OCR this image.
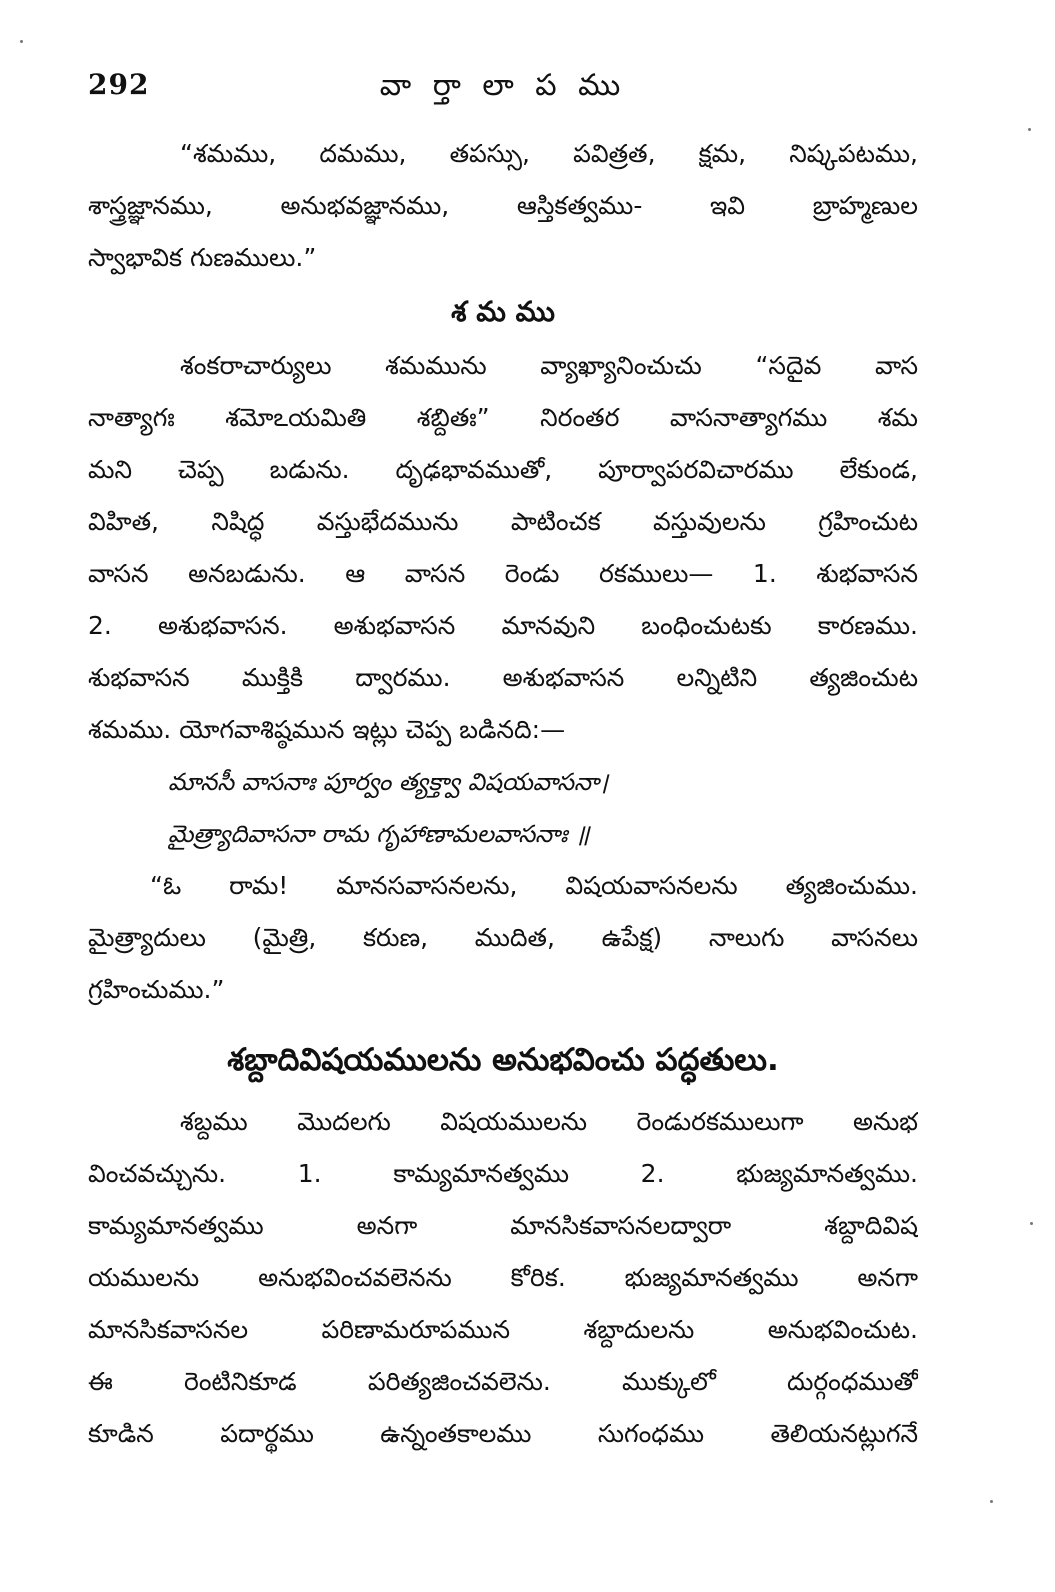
292	వా ర్తా లా ప ము
“శమము, దమము, తపస్సు, పవిత్రత, క్షమ, నిష్కపటము,
శాస్త్రజ్ఞానము, అనుభవజ్ఞానము, ఆస్తికత్వము- ఇవి బ్రాహ్మణుల
స్వాభావిక గుణములు.”
శ మ ము
శంకరాచార్యులు శమమును వ్యాఖ్యానించుచు “సదైవ వాస
నాత్యాగః శమోఽయమితి శబ్దితః” నిరంతర వాసనాత్యాగము శమ
మని చెప్ప బడును. దృఢభావముతో, పూర్వాపరవిచారము లేకుండ,
విహిత, నిషిద్ధ వస్తుభేదమును పాటించక వస్తువులను గ్రహించుట
వాసన అనబడును. ఆ వాసన రెండు రకములు— 1. శుభవాసన
2. అశుభవాసన. అశుభవాసన మానవుని బంధించుటకు కారణము.
శుభవాసన ముక్తికి ద్వారము. అశుభవాసన లన్నిటిని త్యజించుట
శమము. యోగవాశిష్ఠమున ఇట్లు చెప్ప బడినది:—
మానసీ వాసనాః పూర్వం త్యక్త్వా విషయవాసనా।
మైత్ర్యాదివాసనా రామ గృహాణామలవాసనాః ॥
“ఓ రామ! మానసవాసనలను, విషయవాసనలను త్యజించుము.
మైత్ర్యాదులు (మైత్రి, కరుణ, ముదిత, ఉపేక్ష) నాలుగు వాసనలు
గ్రహించుము.”
శబ్దాదివిషయములను అనుభవించు పద్ధతులు.
శబ్దము మొదలగు విషయములను రెండురకములుగా అనుభ
వించవచ్చును. 1. కామ్యమానత్వము 2. భుజ్యమానత్వము.
కామ్యమానత్వము అనగా మానసికవాసనలద్వారా శబ్దాదివిష
యములను అనుభవించవలెనను కోరిక. భుజ్యమానత్వము అనగా
మానసికవాసనల పరిణామరూపమున శబ్దాదులను అనుభవించుట.
ఈ రెంటినికూడ పరిత్యజించవలెను. ముక్కులో దుర్గంధముతో
కూడిన పదార్థము ఉన్నంతకాలము సుగంధము తెలియనట్లుగనే
